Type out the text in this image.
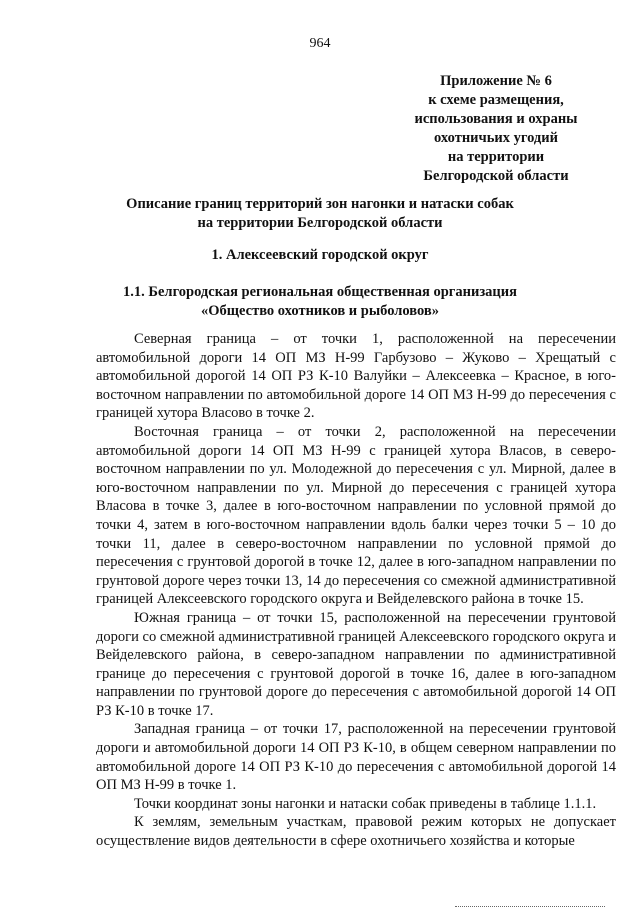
964
Приложение № 6
к схеме размещения,
использования и охраны
охотничьих угодий
на территории
Белгородской области
Описание границ территорий зон нагонки и натаски собак
на территории Белгородской области
1. Алексеевский городской округ
1.1. Белгородская региональная общественная организация
«Общество охотников и рыболовов»

Северная граница – от точки 1, расположенной на пересечении автомобильной дороги 14 ОП МЗ Н-99 Гарбузово – Жуково – Хрещатый с автомобильной дорогой 14 ОП РЗ К-10 Валуйки – Алексеевка – Красное, в юго-восточном направлении по автомобильной дороге 14 ОП МЗ Н-99 до пересечения с границей хутора Власово в точке 2.

Восточная граница – от точки 2, расположенной на пересечении автомобильной дороги 14 ОП МЗ Н-99 с границей хутора Власов, в северо-восточном направлении по ул. Молодежной до пересечения с ул. Мирной, далее в юго-восточном направлении по ул. Мирной до пересечения с границей хутора Власова в точке 3, далее в юго-восточном направлении по условной прямой до точки 4, затем в юго-восточном направлении вдоль балки через точки 5 – 10 до точки 11, далее в северо-восточном направлении по условной прямой до пересечения с грунтовой дорогой в точке 12, далее в юго-западном направлении по грунтовой дороге через точки 13, 14 до пересечения со смежной административной границей Алексеевского городского округа и Вейделевского района в точке 15.

Южная граница – от точки 15, расположенной на пересечении грунтовой дороги со смежной административной границей Алексеевского городского округа и Вейделевского района, в северо-западном направлении по административной границе до пересечения с грунтовой дорогой в точке 16, далее в юго-западном направлении по грунтовой дороге до пересечения с автомобильной дорогой 14 ОП РЗ К-10 в точке 17.

Западная граница – от точки 17, расположенной на пересечении грунтовой дороги и автомобильной дороги 14 ОП РЗ К-10, в общем северном направлении по автомобильной дороге 14 ОП РЗ К-10 до пересечения с автомобильной дорогой 14 ОП МЗ Н-99 в точке 1.

Точки координат зоны нагонки и натаски собак приведены в таблице 1.1.1.

К землям, земельным участкам, правовой режим которых не допускает осуществление видов деятельности в сфере охотничьего хозяйства и которые
